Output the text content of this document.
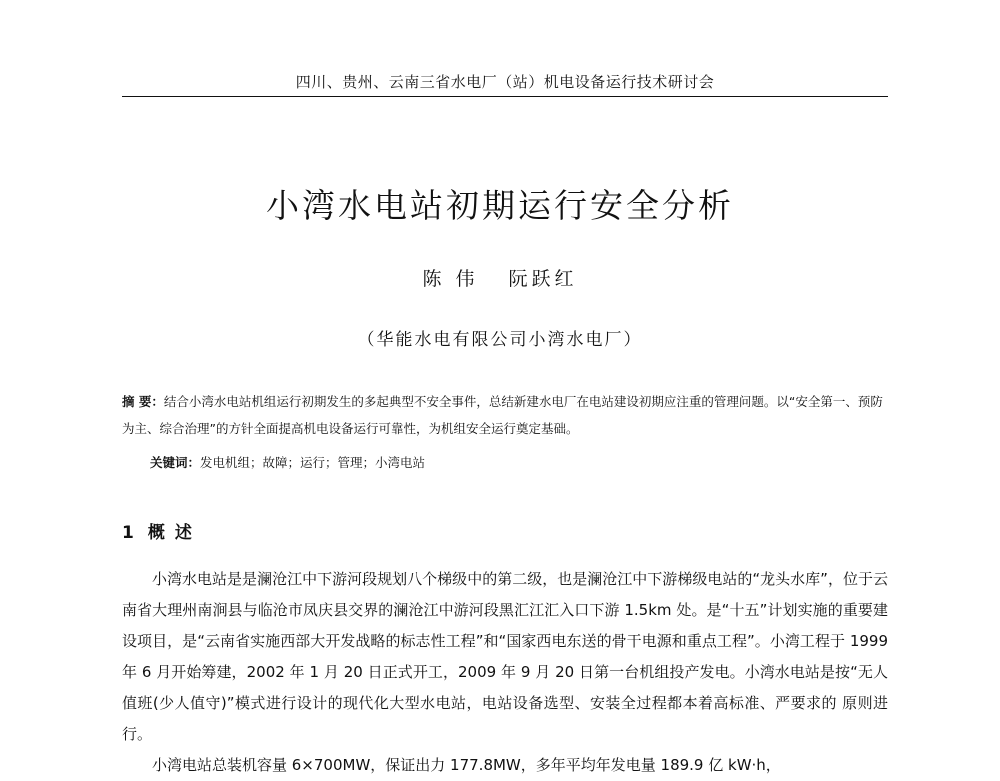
四川、贵州、云南三省水电厂（站）机电设备运行技术研讨会
小湾水电站初期运行安全分析
陈 伟 阮跃红
（华能水电有限公司小湾水电厂）
摘 要：结合小湾水电站机组运行初期发生的多起典型不安全事件，总结新建水电厂在电站建设初期应注重的管理问题。以“安全第一、预防为主、综合治理”的方针全面提高机电设备运行可靠性，为机组安全运行奠定基础。
关键词：发电机组；故障；运行；管理；小湾电站
1 概述

小湾水电站是是澜沧江中下游河段规划八个梯级中的第二级，也是澜沧江中下游梯级电站的“龙头水库”，位于云南省大理州南涧县与临沧市凤庆县交界的澜沧江中游河段黑汇江汇入口下游 1.5km 处。是“十五”计划实施的重要建设项目，是“云南省实施西部大开发战略的标志性工程”和“国家西电东送的骨干电源和重点工程”。小湾工程于 1999 年 6 月开始筹建，2002 年 1 月 20 日正式开工，2009 年 9 月 20 日第一台机组投产发电。小湾水电站是按“无人值班(少人值守)”模式进行设计的现代化大型水电站，电站设备选型、安装全过程都本着高标准、严要求的 原则进行。

小湾电站总装机容量 6×700MW，保证出力 177.8MW，多年平均年发电量 189.9 亿 kW·h，
